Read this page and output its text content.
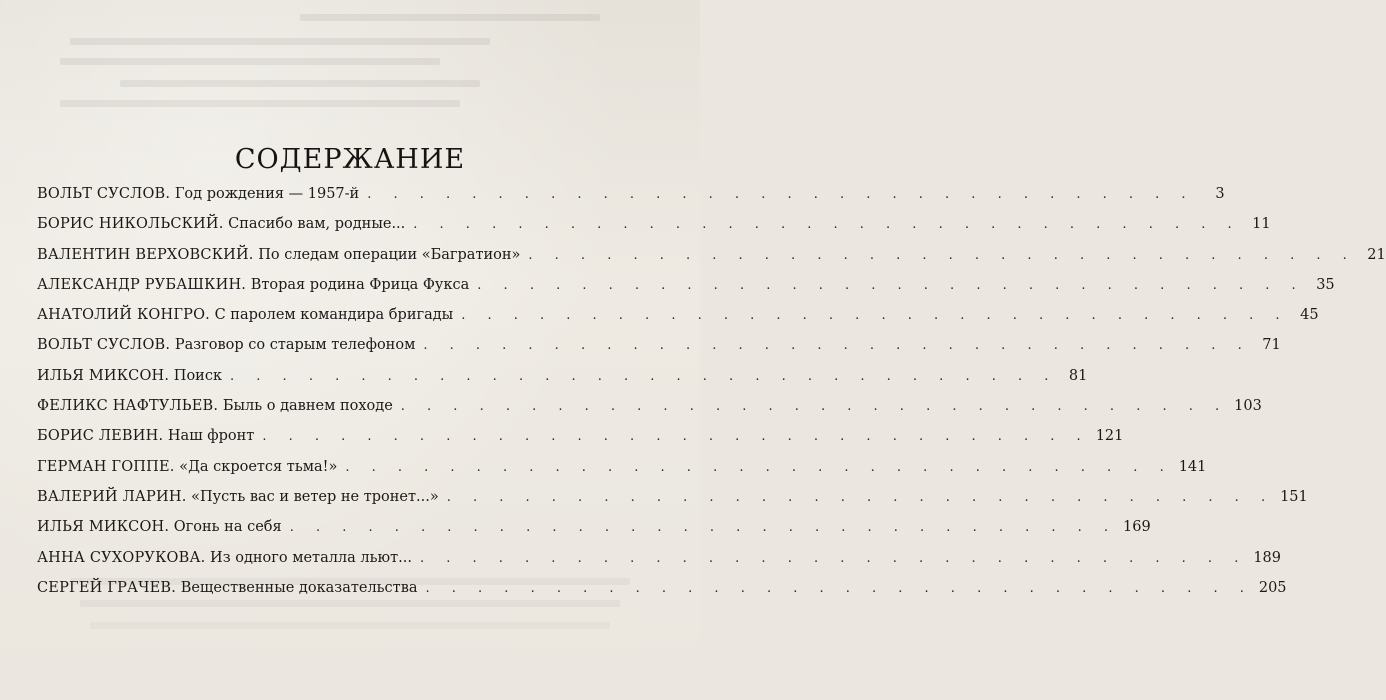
СОДЕРЖАНИЕ
ВОЛЬТ СУСЛОВ.
Год рождения — 1957-й . . . . . . . . . . . . . . . . . . . . . . . . . . . . . . . .	3
БОРИС НИКОЛЬСКИЙ.
Спасибо вам, родные... . . . . . . . . . . . . . . . . . . . . . . . . . . . . . . . . 11
ВАЛЕНТИН ВЕРХОВСКИЙ.
По следам операции «Багратион» . . . . . . . . . . . . . . . . . . . . . . . . . . . . . . . . 21
АЛЕКСАНДР РУБАШКИН.
Вторая родина Фрица Фукса . . . . . . . . . . . . . . . . . . . . . . . . . . . . . . . . 35
АНАТОЛИЙ КОНГРО.
С паролем командира бригады . . . . . . . . . . . . . . . . . . . . . . . . . . . . . . . . 45
ВОЛЬТ СУСЛОВ.
Разговор со старым телефоном . . . . . . . . . . . . . . . . . . . . . . . . . . . . . . . . 71
ИЛЬЯ МИКСОН.
Поиск . . . . . . . . . . . . . . . . . . . . . . . . . . . . . . . . 81
ФЕЛИКС НАФТУЛЬЕВ.
Быль о давнем походе . . . . . . . . . . . . . . . . . . . . . . . . . . . . . . . . 103
БОРИС ЛЕВИН.
Наш фронт . . . . . . . . . . . . . . . . . . . . . . . . . . . . . . . . 121
ГЕРМАН ГОППЕ.
«Да скроется тьма!» . . . . . . . . . . . . . . . . . . . . . . . . . . . . . . . . 141
ВАЛЕРИЙ ЛАРИН.
«Пусть вас и ветер не тронет...» . . . . . . . . . . . . . . . . . . . . . . . . . . . . . . . . 151
ИЛЬЯ МИКСОН.
Огонь на себя . . . . . . . . . . . . . . . . . . . . . . . . . . . . . . . . 169
АННА СУХОРУКОВА.
Из одного металла льют... . . . . . . . . . . . . . . . . . . . . . . . . . . . . . . . . 189
СЕРГЕЙ ГРАЧЕВ.
Вещественные доказательства . . . . . . . . . . . . . . . . . . . . . . . . . . . . . . . . 205
